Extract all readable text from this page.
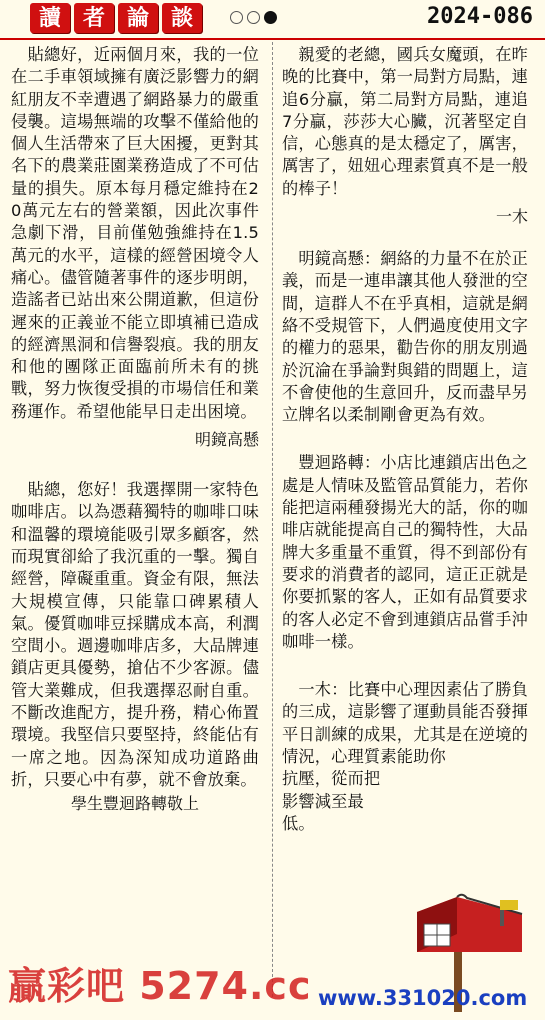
讀 者 論 談	2024-086

　貼總好，近兩個月來，我的一位在二手車領域擁有廣泛影響力的網紅朋友不幸遭遇了網路暴力的嚴重侵襲。這場無端的攻擊不僅給他的個人生活帶來了巨大困擾，更對其名下的農業莊園業務造成了不可估量的損失。原本每月穩定維持在20萬元左右的營業額，因此次事件急劇下滑，目前僅勉強維持在1.5萬元的水平，這樣的經營困境令人痛心。儘管隨著事件的逐步明朗，造謠者已站出來公開道歉，但這份遲來的正義並不能立即填補已造成的經濟黑洞和信譽裂痕。我的朋友和他的團隊正面臨前所未有的挑戰，努力恢復受損的市場信任和業務運作。希望他能早日走出困境。

明鏡高懸

　貼總，您好！我選擇開一家特色咖啡店。以為憑藉獨特的咖啡口味和溫馨的環境能吸引眾多顧客，然而現實卻給了我沉重的一擊。獨自經營，障礙重重。資金有限，無法大規模宣傳，只能靠口碑累積人氣。優質咖啡豆採購成本高，利潤空間小。週邊咖啡店多，大品牌連鎖店更具優勢，搶佔不少客源。儘管大業難成，但我選擇忍耐自重。不斷改進配方，提升務，精心佈置環境。我堅信只要堅持，終能佔有一席之地。因為深知成功道路曲折，只要心中有夢，就不會放棄。

學生豐迴路轉敬上

　親愛的老總，國兵女魔頭，在昨晚的比賽中，第一局對方局點，連追6分贏，第二局對方局點，連追7分贏，莎莎大心臟，沉著堅定自信，心態真的是太穩定了，厲害，厲害了，妞妞心理素質真不是一般的棒子！

一木

　明鏡高懸：網絡的力量不在於正義，而是一連串讓其他人發泄的空間，這群人不在乎真相，這就是網絡不受規管下，人們過度使用文字的權力的惡果，勸告你的朋友別過於沉淪在爭論對與錯的問題上，這不會使他的生意回升，反而盡早另立牌名以柔制剛會更為有效。

　豐迴路轉：小店比連鎖店出色之處是人情味及監管品質能力，若你能把這兩種發揚光大的話，你的咖啡店就能提高自己的獨特性，大品牌大多重量不重質，得不到部份有要求的消費者的認同，這正正就是你要抓緊的客人，正如有品質要求的客人必定不會到連鎖店品嘗手沖咖啡一樣。

　一木：比賽中心理因素佔了勝負的三成，這影響了運動員能否發揮平日訓練的成果，尤其是在逆境的情況，心理質素能助你

抗壓，從而把

影響減至最

低。

贏彩吧 5274.cc www.331020.com
